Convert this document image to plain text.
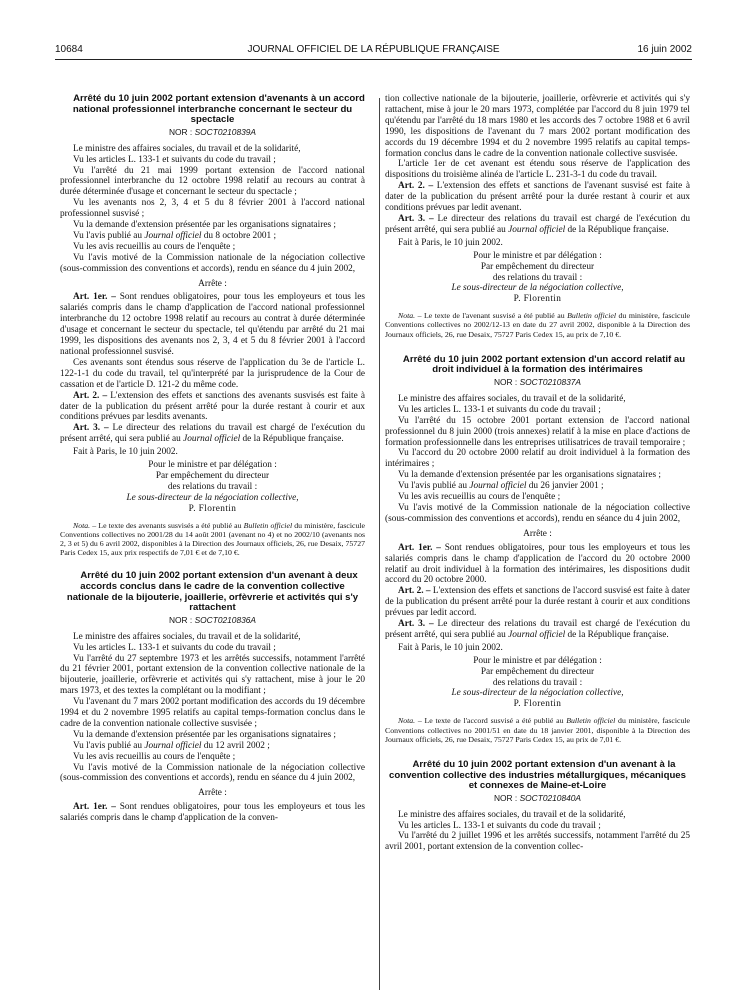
10684	JOURNAL OFFICIEL DE LA RÉPUBLIQUE FRANÇAISE	16 juin 2002

Arrêté du 10 juin 2002 portant extension d'avenants à un accord national professionnel interbranche concernant le secteur du spectacle

NOR : SOCT0210839A

Le ministre des affaires sociales, du travail et de la solidarité,

Vu les articles L. 133-1 et suivants du code du travail ;

Vu l'arrêté du 21 mai 1999 portant extension de l'accord national professionnel interbranche du 12 octobre 1998 relatif au recours au contrat à durée déterminée d'usage et concernant le secteur du spectacle ;

Vu les avenants nos 2, 3, 4 et 5 du 8 février 2001 à l'accord national professionnel susvisé ;

Vu la demande d'extension présentée par les organisations signataires ;

Vu l'avis publié au Journal officiel du 8 octobre 2001 ;

Vu les avis recueillis au cours de l'enquête ;

Vu l'avis motivé de la Commission nationale de la négociation collective (sous-commission des conventions et accords), rendu en séance du 4 juin 2002,

Arrête :

Art. 1er. – Sont rendues obligatoires, pour tous les employeurs et tous les salariés compris dans le champ d'application de l'accord national professionnel interbranche du 12 octobre 1998 relatif au recours au contrat à durée déterminée d'usage et concernant le secteur du spectacle, tel qu'étendu par arrêté du 21 mai 1999, les dispositions des avenants nos 2, 3, 4 et 5 du 8 février 2001 à l'accord national professionnel susvisé.

Ces avenants sont étendus sous réserve de l'application du 3e de l'article L. 122-1-1 du code du travail, tel qu'interprété par la jurisprudence de la Cour de cassation et de l'article D. 121-2 du même code.

Art. 2. – L'extension des effets et sanctions des avenants susvisés est faite à dater de la publication du présent arrêté pour la durée restant à courir et aux conditions prévues par lesdits avenants.

Art. 3. – Le directeur des relations du travail est chargé de l'exécution du présent arrêté, qui sera publié au Journal officiel de la République française.

Fait à Paris, le 10 juin 2002.

Pour le ministre et par délégation :
Par empêchement du directeur
des relations du travail :
Le sous-directeur de la négociation collective,
P. Florentin

Nota. – Le texte des avenants susvisés a été publié au Bulletin officiel du ministère, fascicule Conventions collectives no 2001/28 du 14 août 2001 (avenant no 4) et no 2002/10 (avenants nos 2, 3 et 5) du 6 avril 2002, disponibles à la Direction des Journaux officiels, 26, rue Desaix, 75727 Paris Cedex 15, aux prix respectifs de 7,01 € et de 7,10 €.

Arrêté du 10 juin 2002 portant extension d'un avenant à deux accords conclus dans le cadre de la convention collective nationale de la bijouterie, joaillerie, orfèvrerie et activités qui s'y rattachent

NOR : SOCT0210836A

Le ministre des affaires sociales, du travail et de la solidarité,

Vu les articles L. 133-1 et suivants du code du travail ;

Vu l'arrêté du 27 septembre 1973 et les arrêtés successifs, notamment l'arrêté du 21 février 2001, portant extension de la convention collective nationale de la bijouterie, joaillerie, orfèvrerie et activités qui s'y rattachent, mise à jour le 20 mars 1973, et des textes la complétant ou la modifiant ;

Vu l'avenant du 7 mars 2002 portant modification des accords du 19 décembre 1994 et du 2 novembre 1995 relatifs au capital temps-formation conclus dans le cadre de la convention nationale collective susvisée ;

Vu la demande d'extension présentée par les organisations signataires ;

Vu l'avis publié au Journal officiel du 12 avril 2002 ;

Vu les avis recueillis au cours de l'enquête ;

Vu l'avis motivé de la Commission nationale de la négociation collective (sous-commission des conventions et accords), rendu en séance du 4 juin 2002,

Arrête :

Art. 1er. – Sont rendues obligatoires, pour tous les employeurs et tous les salariés compris dans le champ d'application de la conven-

tion collective nationale de la bijouterie, joaillerie, orfèvrerie et activités qui s'y rattachent, mise à jour le 20 mars 1973, complétée par l'accord du 8 juin 1979 tel qu'étendu par l'arrêté du 18 mars 1980 et les accords des 7 octobre 1988 et 6 avril 1990, les dispositions de l'avenant du 7 mars 2002 portant modification des accords du 19 décembre 1994 et du 2 novembre 1995 relatifs au capital temps-formation conclus dans le cadre de la convention nationale collective susvisée.

L'article 1er de cet avenant est étendu sous réserve de l'application des dispositions du troisième alinéa de l'article L. 231-3-1 du code du travail.

Art. 2. – L'extension des effets et sanctions de l'avenant susvisé est faite à dater de la publication du présent arrêté pour la durée restant à courir et aux conditions prévues par ledit avenant.

Art. 3. – Le directeur des relations du travail est chargé de l'exécution du présent arrêté, qui sera publié au Journal officiel de la République française.

Fait à Paris, le 10 juin 2002.

Pour le ministre et par délégation :
Par empêchement du directeur
des relations du travail :
Le sous-directeur de la négociation collective,
P. Florentin

Nota. – Le texte de l'avenant susvisé a été publié au Bulletin officiel du ministère, fascicule Conventions collectives no 2002/12-13 en date du 27 avril 2002, disponible à la Direction des Journaux officiels, 26, rue Desaix, 75727 Paris Cedex 15, au prix de 7,10 €.

Arrêté du 10 juin 2002 portant extension d'un accord relatif au droit individuel à la formation des intérimaires

NOR : SOCT0210837A

Le ministre des affaires sociales, du travail et de la solidarité,

Vu les articles L. 133-1 et suivants du code du travail ;

Vu l'arrêté du 15 octobre 2001 portant extension de l'accord national professionnel du 8 juin 2000 (trois annexes) relatif à la mise en place d'actions de formation professionnelle dans les entreprises utilisatrices de travail temporaire ;

Vu l'accord du 20 octobre 2000 relatif au droit individuel à la formation des intérimaires ;

Vu la demande d'extension présentée par les organisations signataires ;

Vu l'avis publié au Journal officiel du 26 janvier 2001 ;

Vu les avis recueillis au cours de l'enquête ;

Vu l'avis motivé de la Commission nationale de la négociation collective (sous-commission des conventions et accords), rendu en séance du 4 juin 2002,

Arrête :

Art. 1er. – Sont rendues obligatoires, pour tous les employeurs et tous les salariés compris dans le champ d'application de l'accord du 20 octobre 2000 relatif au droit individuel à la formation des intérimaires, les dispositions dudit accord du 20 octobre 2000.

Art. 2. – L'extension des effets et sanctions de l'accord susvisé est faite à dater de la publication du présent arrêté pour la durée restant à courir et aux conditions prévues par ledit accord.

Art. 3. – Le directeur des relations du travail est chargé de l'exécution du présent arrêté, qui sera publié au Journal officiel de la République française.

Fait à Paris, le 10 juin 2002.

Pour le ministre et par délégation :
Par empêchement du directeur
des relations du travail :
Le sous-directeur de la négociation collective,
P. Florentin

Nota. – Le texte de l'accord susvisé a été publié au Bulletin officiel du ministère, fascicule Conventions collectives no 2001/51 en date du 18 janvier 2001, disponible à la Direction des Journaux officiels, 26, rue Desaix, 75727 Paris Cedex 15, au prix de 7,01 €.

Arrêté du 10 juin 2002 portant extension d'un avenant à la convention collective des industries métallurgiques, mécaniques et connexes de Maine-et-Loire

NOR : SOCT0210840A

Le ministre des affaires sociales, du travail et de la solidarité,

Vu les articles L. 133-1 et suivants du code du travail ;

Vu l'arrêté du 2 juillet 1996 et les arrêtés successifs, notamment l'arrêté du 25 avril 2001, portant extension de la convention collec-
